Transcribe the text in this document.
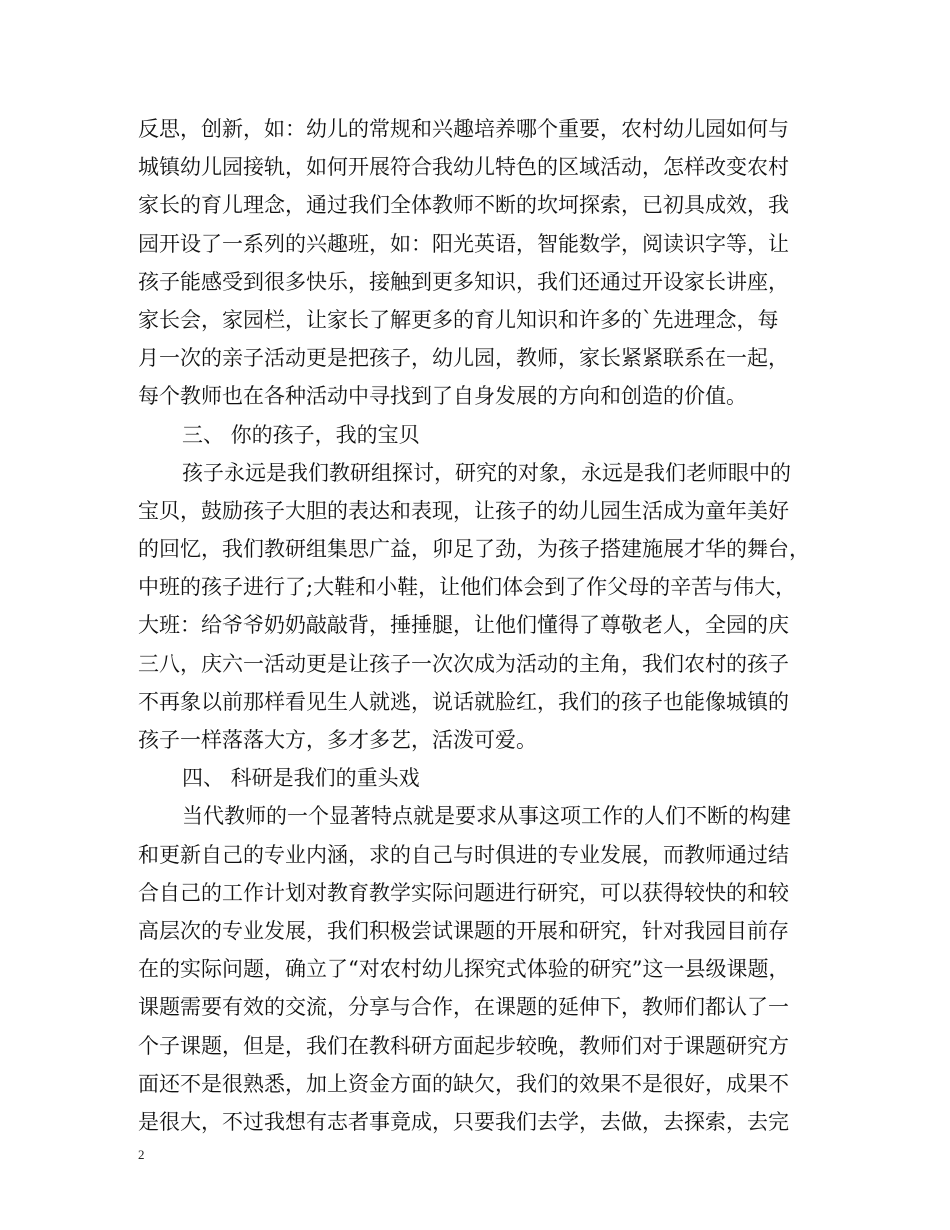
反思，创新，如：幼儿的常规和兴趣培养哪个重要，农村幼儿园如何与
城镇幼儿园接轨，如何开展符合我幼儿特色的区域活动，怎样改变农村
家长的育儿理念，通过我们全体教师不断的坎坷探索，已初具成效，我
园开设了一系列的兴趣班，如：阳光英语，智能数学，阅读识字等，让
孩子能感受到很多快乐，接触到更多知识，我们还通过开设家长讲座，
家长会，家园栏，让家长了解更多的育儿知识和许多的`先进理念，每
月一次的亲子活动更是把孩子，幼儿园，教师，家长紧紧联系在一起，
每个教师也在各种活动中寻找到了自身发展的方向和创造的价值。
三、 你的孩子，我的宝贝
孩子永远是我们教研组探讨，研究的对象，永远是我们老师眼中的
宝贝，鼓励孩子大胆的表达和表现，让孩子的幼儿园生活成为童年美好
的回忆，我们教研组集思广益，卯足了劲，为孩子搭建施展才华的舞台，
中班的孩子进行了;大鞋和小鞋，让他们体会到了作父母的辛苦与伟大，
大班：给爷爷奶奶敲敲背，捶捶腿，让他们懂得了尊敬老人，全园的庆
三八，庆六一活动更是让孩子一次次成为活动的主角，我们农村的孩子
不再象以前那样看见生人就逃，说话就脸红，我们的孩子也能像城镇的
孩子一样落落大方，多才多艺，活泼可爱。
四、 科研是我们的重头戏
当代教师的一个显著特点就是要求从事这项工作的人们不断的构建
和更新自己的专业内涵，求的自己与时俱进的专业发展，而教师通过结
合自己的工作计划对教育教学实际问题进行研究，可以获得较快的和较
高层次的专业发展，我们积极尝试课题的开展和研究，针对我园目前存
在的实际问题，确立了“对农村幼儿探究式体验的研究”这一县级课题，
课题需要有效的交流，分享与合作，在课题的延伸下，教师们都认了一
个子课题，但是，我们在教科研方面起步较晚，教师们对于课题研究方
面还不是很熟悉，加上资金方面的缺欠，我们的效果不是很好，成果不
是很大，不过我想有志者事竟成，只要我们去学，去做，去探索，去完
2
